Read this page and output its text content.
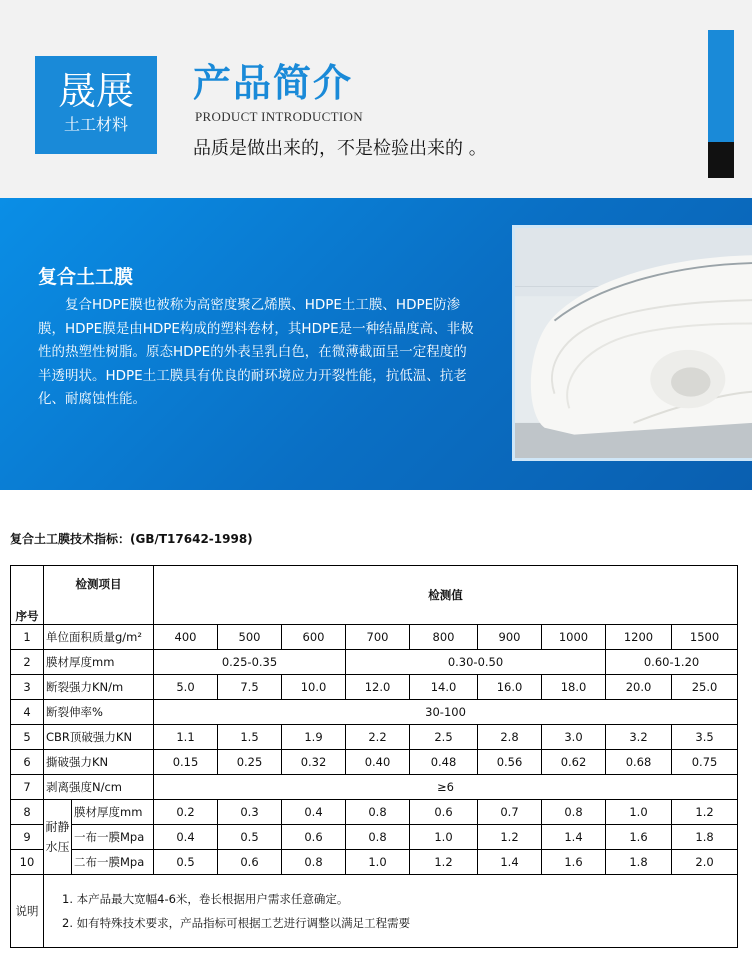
晟展
土工材料
产品简介
PRODUCT INTRODUCTION
品质是做出来的，不是检验出来的 。
复合土工膜
复合HDPE膜也被称为高密度聚乙烯膜、HDPE土工膜、HDPE防渗膜，HDPE膜是由HDPE构成的塑料卷材，其HDPE是一种结晶度高、非极性的热塑性树脂。原态HDPE的外表呈乳白色，在微薄截面呈一定程度的半透明状。HDPE土工膜具有优良的耐环境应力开裂性能，抗低温、抗老化、耐腐蚀性能。
复合土工膜技术指标：(GB/T17642-1998)
序号	检测项目		检测值								
1	单位面积质量g/m²		400	500	600	700	800	900	1000	1200	1500
2	膜材厚度mm		0.25-0.35			0.30-0.50				0.60-1.20	
3	断裂强力KN/m		5.0	7.5	10.0	12.0	14.0	16.0	18.0	20.0	25.0
4	断裂伸率%		30-100								
5	CBR顶破强力KN		1.1	1.5	1.9	2.2	2.5	2.8	3.0	3.2	3.5
6	撕破强力KN		0.15	0.25	0.32	0.40	0.48	0.56	0.62	0.68	0.75
7	剥离强度N/cm		≥6								
8	耐静水压	膜材厚度mm	0.2	0.3	0.4	0.8	0.6	0.7	0.8	1.0	1.2
9		一布一膜Mpa	0.4	0.5	0.6	0.8	1.0	1.2	1.4	1.6	1.8
10		二布一膜Mpa	0.5	0.6	0.8	1.0	1.2	1.4	1.6	1.8	2.0
说明	1. 本产品最大宽幅4-6米，卷长根据用户需求任意确定。
2. 如有特殊技术要求，产品指标可根据工艺进行调整以满足工程需要										
